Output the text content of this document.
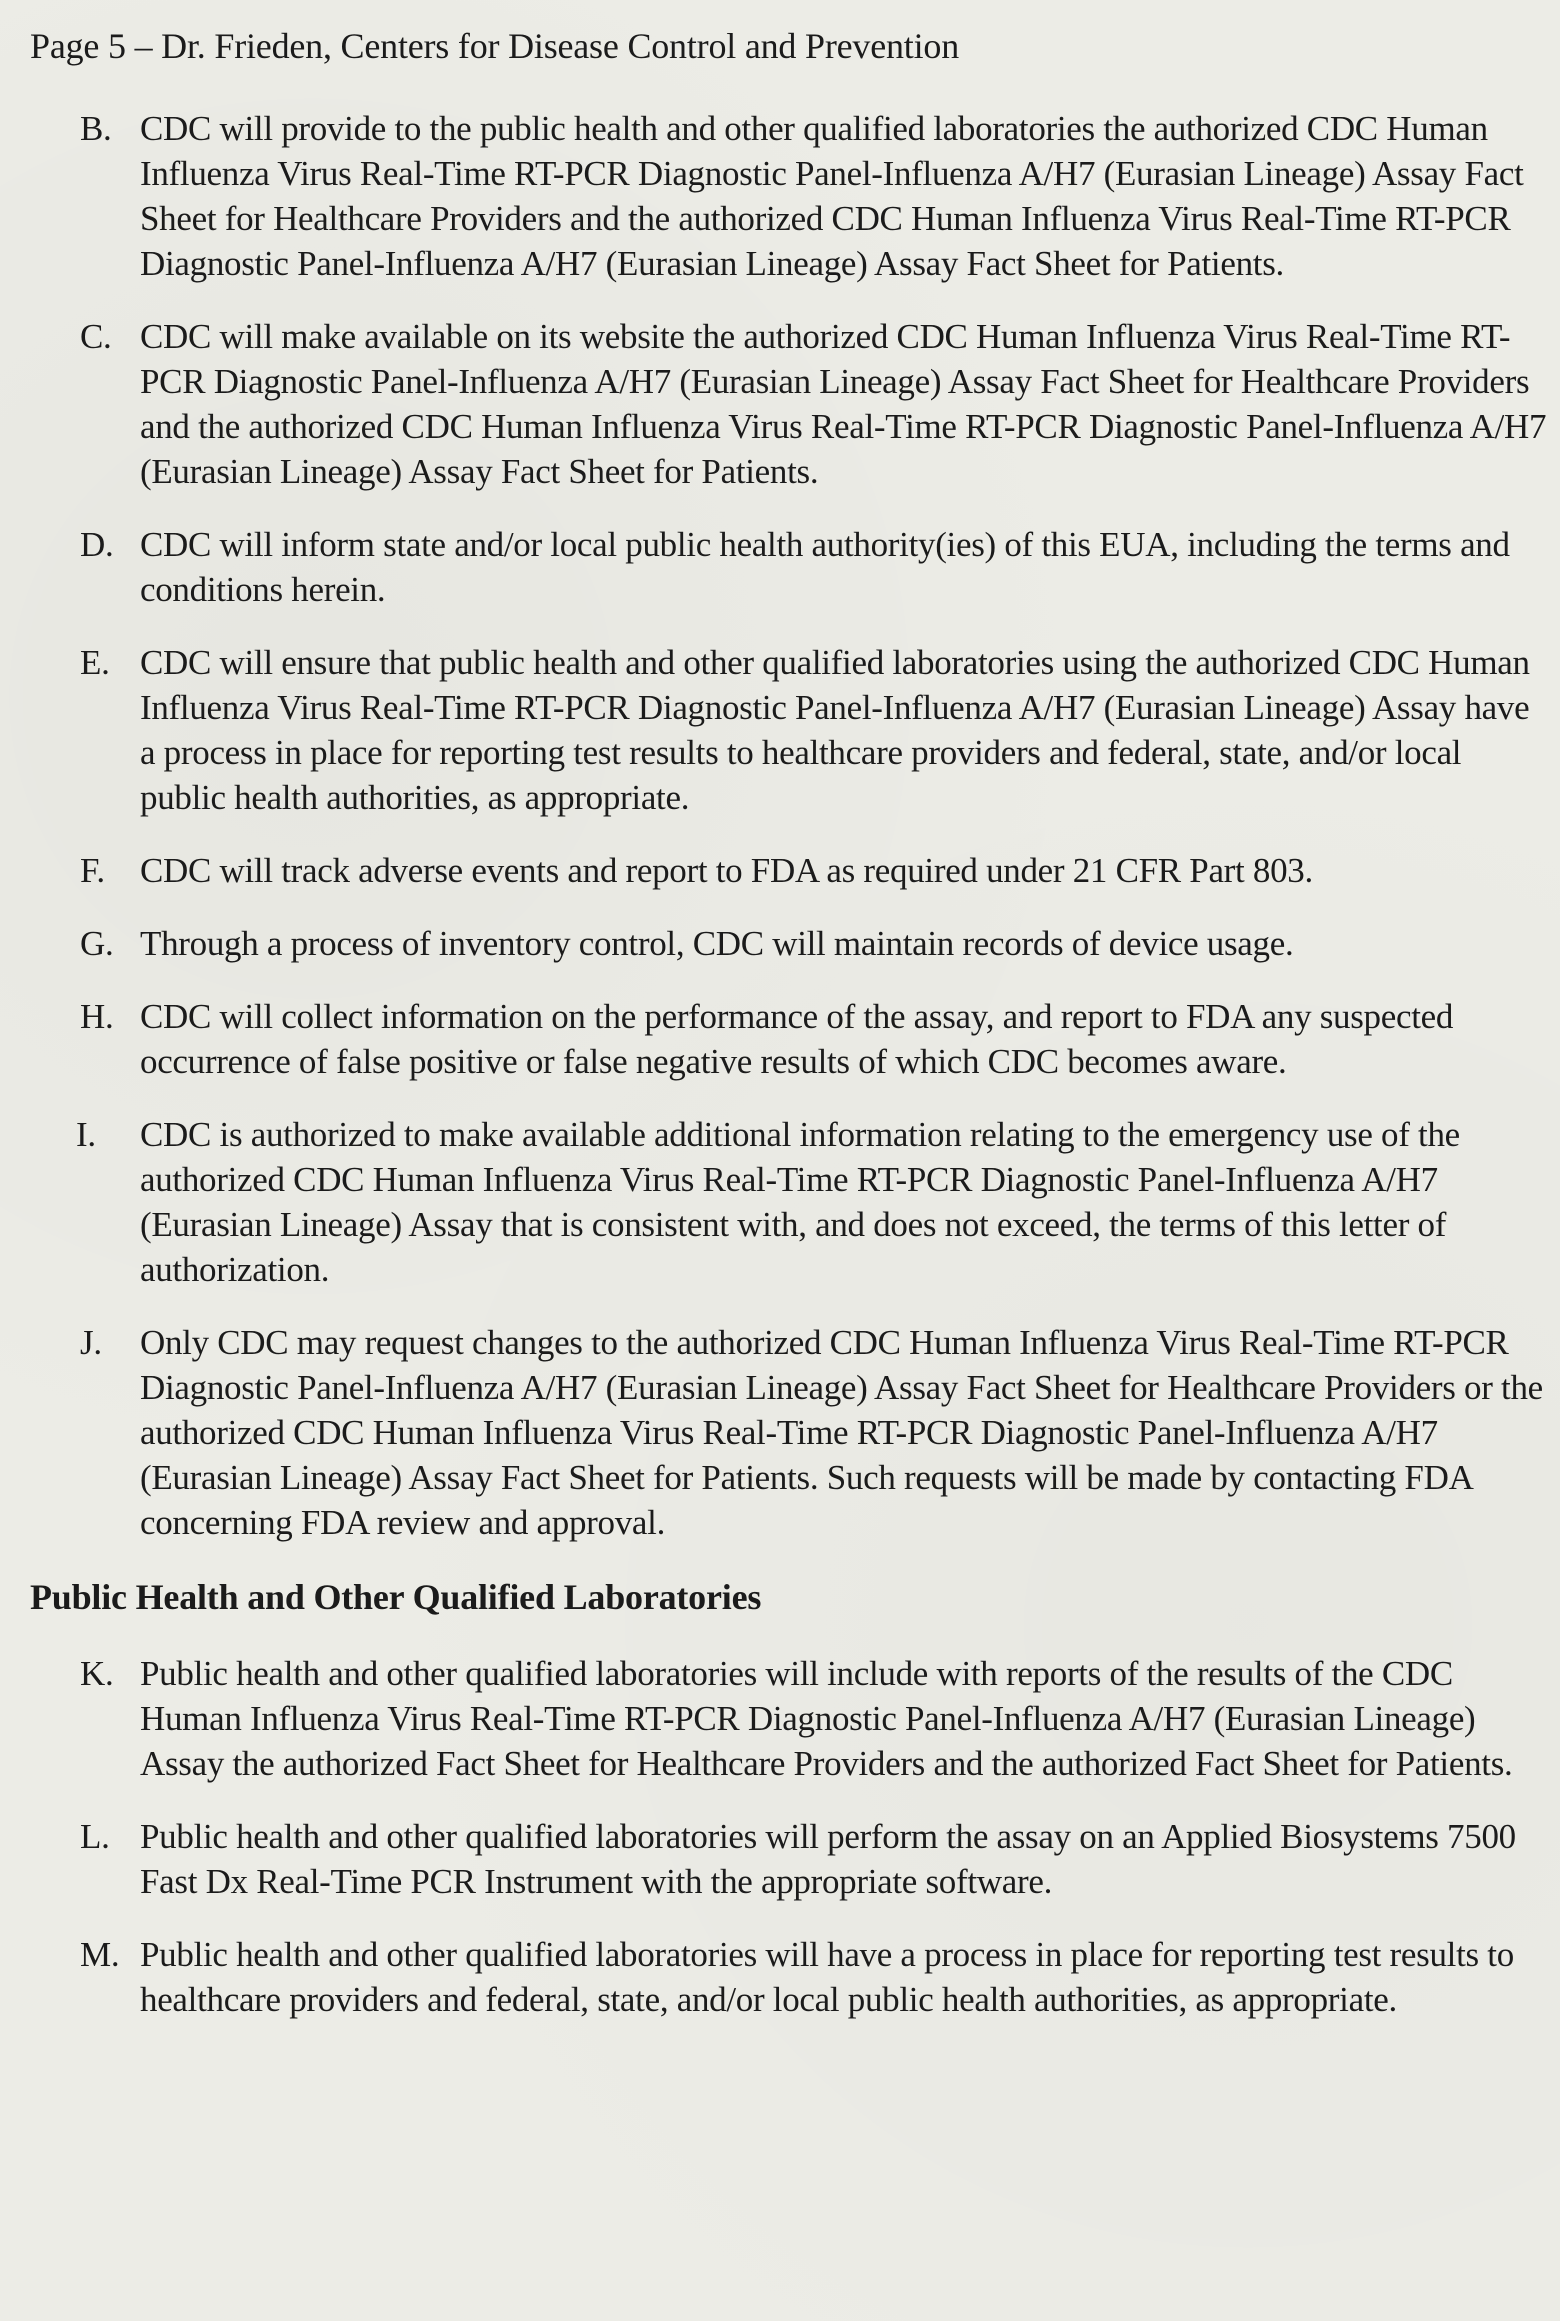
Page 5 – Dr. Frieden, Centers for Disease Control and Prevention
B. CDC will provide to the public health and other qualified laboratories the authorized CDC Human Influenza Virus Real-Time RT-PCR Diagnostic Panel-Influenza A/H7 (Eurasian Lineage) Assay Fact Sheet for Healthcare Providers and the authorized CDC Human Influenza Virus Real-Time RT-PCR Diagnostic Panel-Influenza A/H7 (Eurasian Lineage) Assay Fact Sheet for Patients.
C. CDC will make available on its website the authorized CDC Human Influenza Virus Real-Time RT-PCR Diagnostic Panel-Influenza A/H7 (Eurasian Lineage) Assay Fact Sheet for Healthcare Providers and the authorized CDC Human Influenza Virus Real-Time RT-PCR Diagnostic Panel-Influenza A/H7 (Eurasian Lineage) Assay Fact Sheet for Patients.
D. CDC will inform state and/or local public health authority(ies) of this EUA, including the terms and conditions herein.
E. CDC will ensure that public health and other qualified laboratories using the authorized CDC Human Influenza Virus Real-Time RT-PCR Diagnostic Panel-Influenza A/H7 (Eurasian Lineage) Assay have a process in place for reporting test results to healthcare providers and federal, state, and/or local public health authorities, as appropriate.
F. CDC will track adverse events and report to FDA as required under 21 CFR Part 803.
G. Through a process of inventory control, CDC will maintain records of device usage.
H. CDC will collect information on the performance of the assay, and report to FDA any suspected occurrence of false positive or false negative results of which CDC becomes aware.
I. CDC is authorized to make available additional information relating to the emergency use of the authorized CDC Human Influenza Virus Real-Time RT-PCR Diagnostic Panel-Influenza A/H7 (Eurasian Lineage) Assay that is consistent with, and does not exceed, the terms of this letter of authorization.
J. Only CDC may request changes to the authorized CDC Human Influenza Virus Real-Time RT-PCR Diagnostic Panel-Influenza A/H7 (Eurasian Lineage) Assay Fact Sheet for Healthcare Providers or the authorized CDC Human Influenza Virus Real-Time RT-PCR Diagnostic Panel-Influenza A/H7 (Eurasian Lineage) Assay Fact Sheet for Patients. Such requests will be made by contacting FDA concerning FDA review and approval.
Public Health and Other Qualified Laboratories
K. Public health and other qualified laboratories will include with reports of the results of the CDC Human Influenza Virus Real-Time RT-PCR Diagnostic Panel-Influenza A/H7 (Eurasian Lineage) Assay the authorized Fact Sheet for Healthcare Providers and the authorized Fact Sheet for Patients.
L. Public health and other qualified laboratories will perform the assay on an Applied Biosystems 7500 Fast Dx Real-Time PCR Instrument with the appropriate software.
M. Public health and other qualified laboratories will have a process in place for reporting test results to healthcare providers and federal, state, and/or local public health authorities, as appropriate.
